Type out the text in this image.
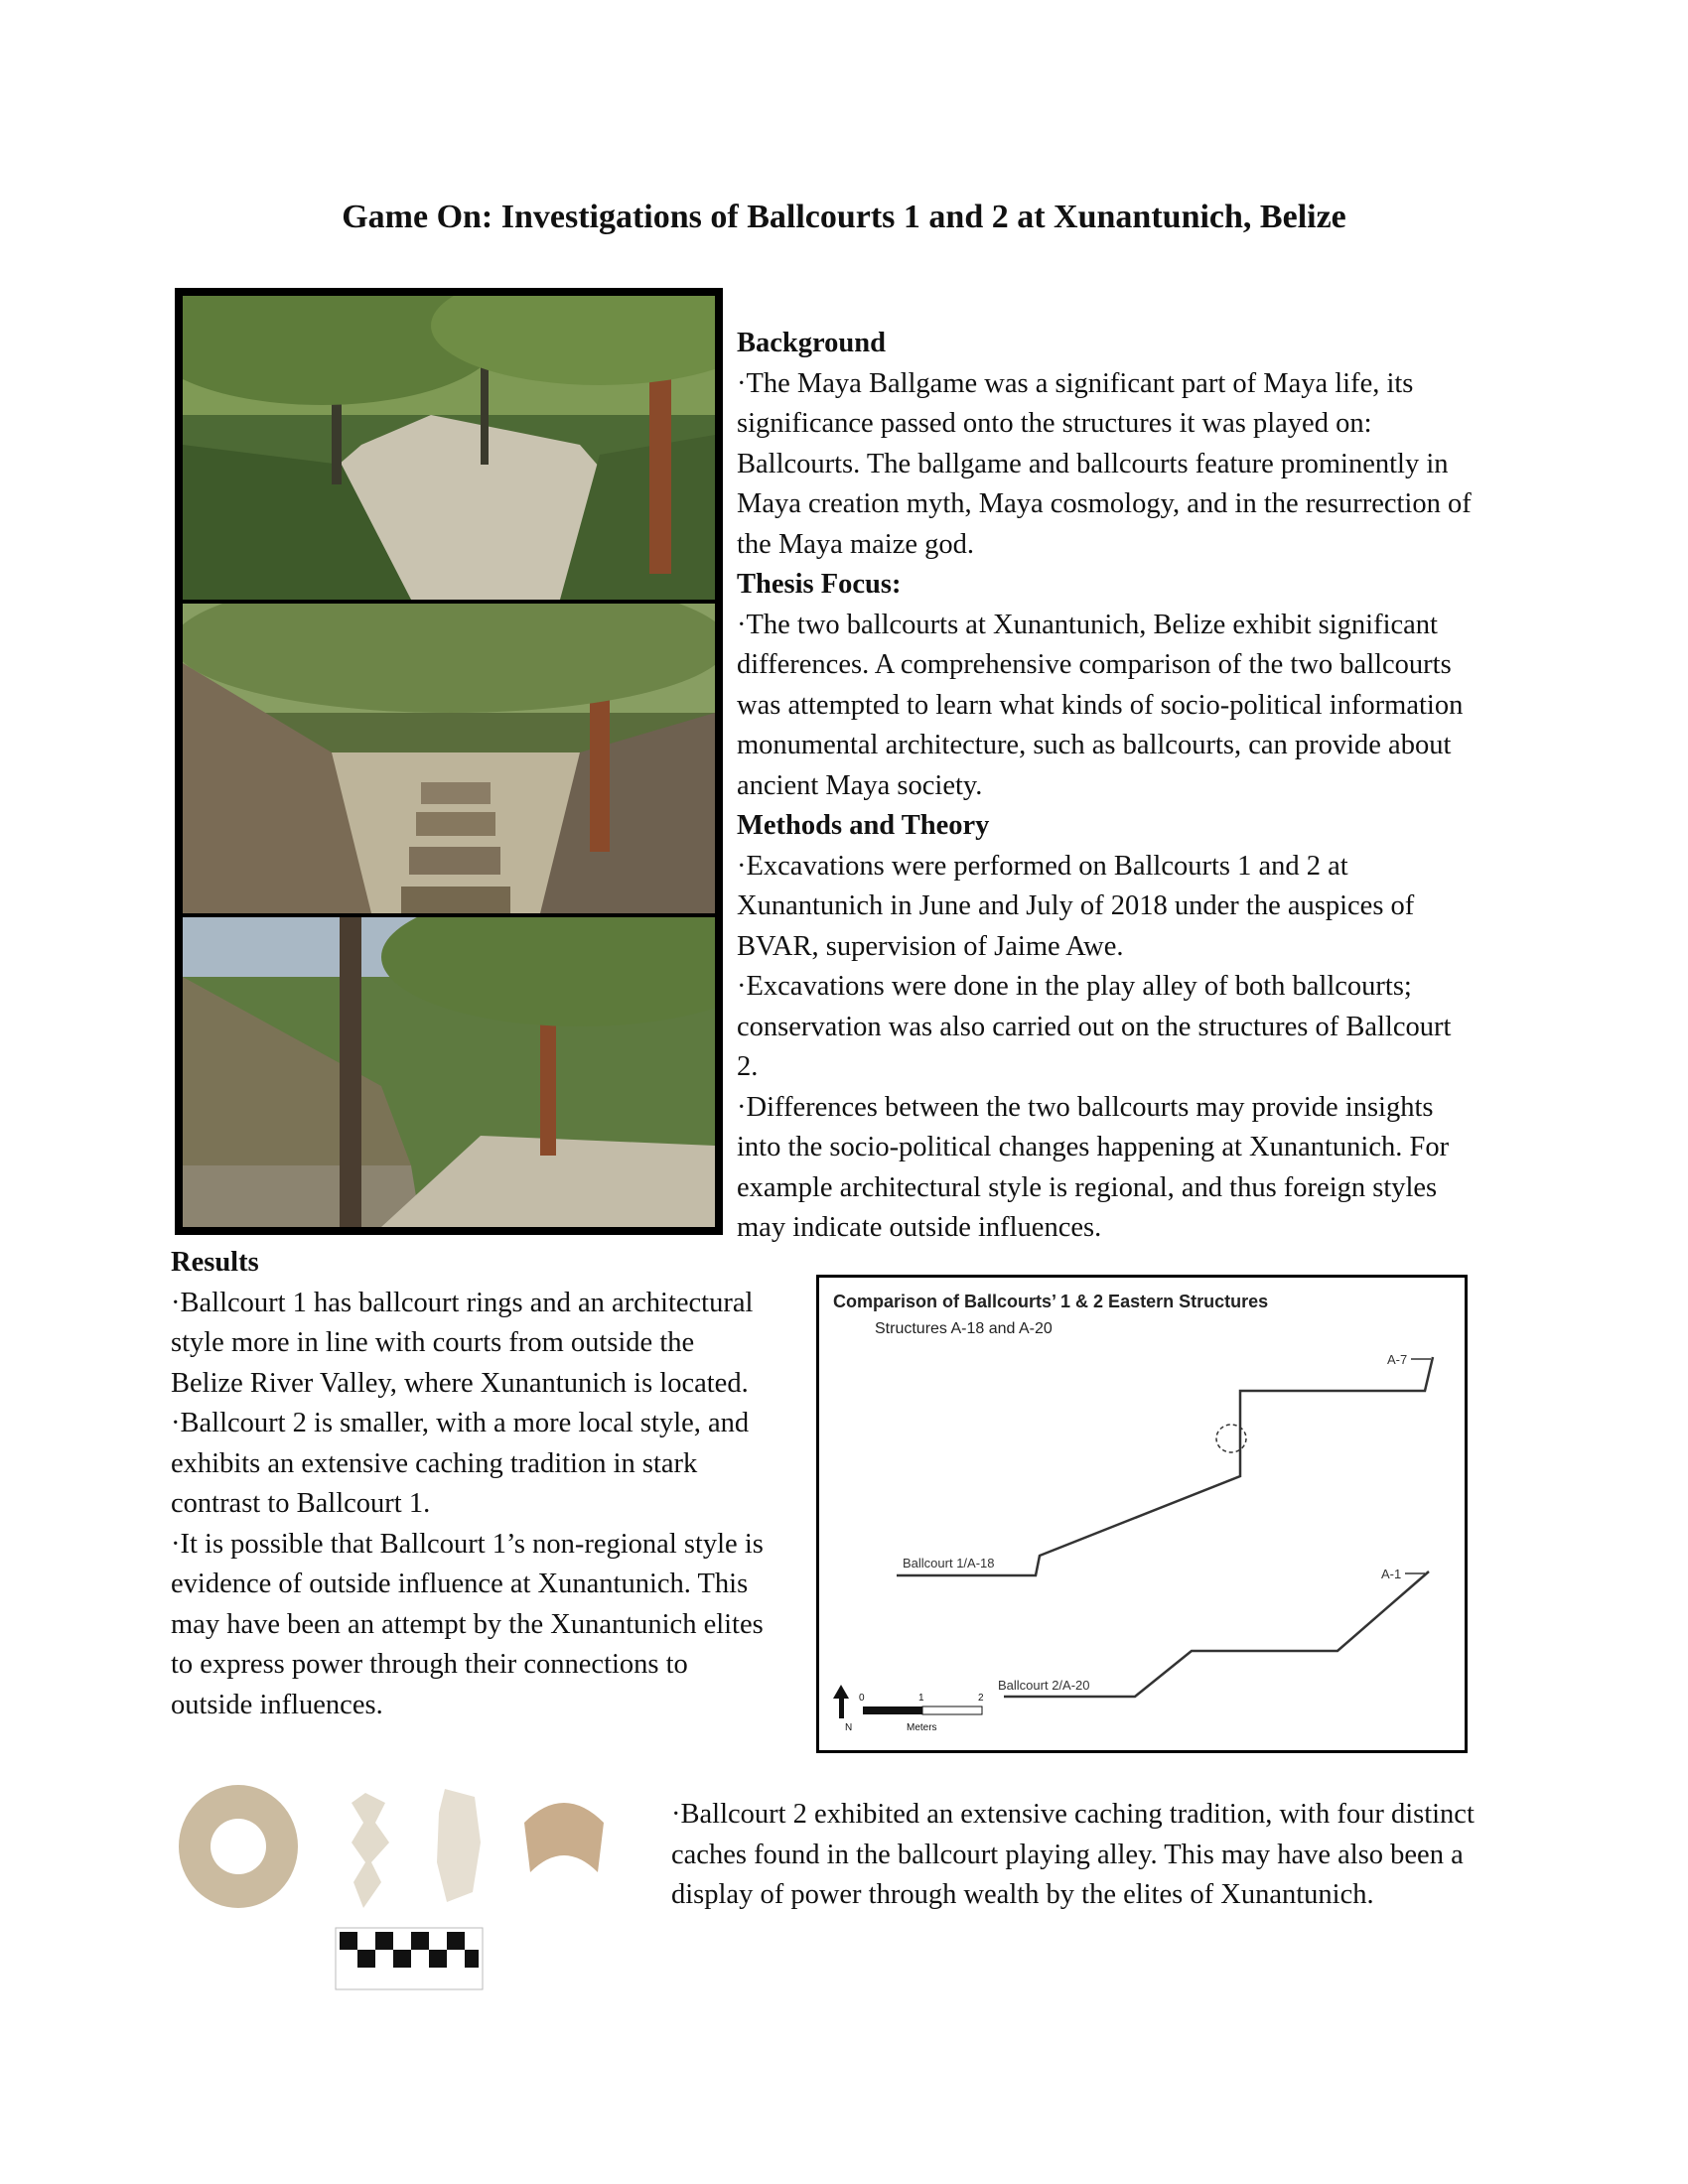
Game On: Investigations of Ballcourts 1 and 2 at Xunantunich, Belize

Background

·The Maya Ballgame was a significant part of Maya life, its significance passed onto the structures it was played on: Ballcourts. The ballgame and ballcourts feature prominently in Maya creation myth, Maya cosmology, and in the resurrection of the Maya maize god.

Thesis Focus:

·The two ballcourts at Xunantunich, Belize exhibit significant differences. A comprehensive comparison of the two ballcourts was attempted to learn what kinds of socio-political information monumental architecture, such as ballcourts, can provide about ancient Maya society.

Methods and Theory

·Excavations were performed on Ballcourts 1 and 2 at Xunantunich in June and July of 2018 under the auspices of BVAR, supervision of Jaime Awe.

·Excavations were done in the play alley of both ballcourts; conservation was also carried out on the structures of Ballcourt 2.

·Differences between the two ballcourts may provide insights into the socio-political changes happening at Xunantunich. For example architectural style is regional, and thus foreign styles may indicate outside influences.

Results

·Ballcourt 1 has ballcourt rings and an architectural style more in line with courts from outside the Belize River Valley, where Xunantunich is located.

·Ballcourt 2 is smaller, with a more local style, and exhibits an extensive caching tradition in stark contrast to Ballcourt 1.

·It is possible that Ballcourt 1’s non-regional style is evidence of outside influence at Xunantunich. This may have been an attempt by the Xunantunich elites to express power through their connections to outside influences.

Comparison of Ballcourts’ 1 & 2 Eastern Structures
Structures A-18 and A-20
A-7
Ballcourt 1/A-18
A-1
Ballcourt 2/A-20
N
0	1	2
Meters

·Ballcourt 2 exhibited an extensive caching tradition, with four distinct caches found in the ballcourt playing alley. This may have also been a display of power through wealth by the elites of Xunantunich.
